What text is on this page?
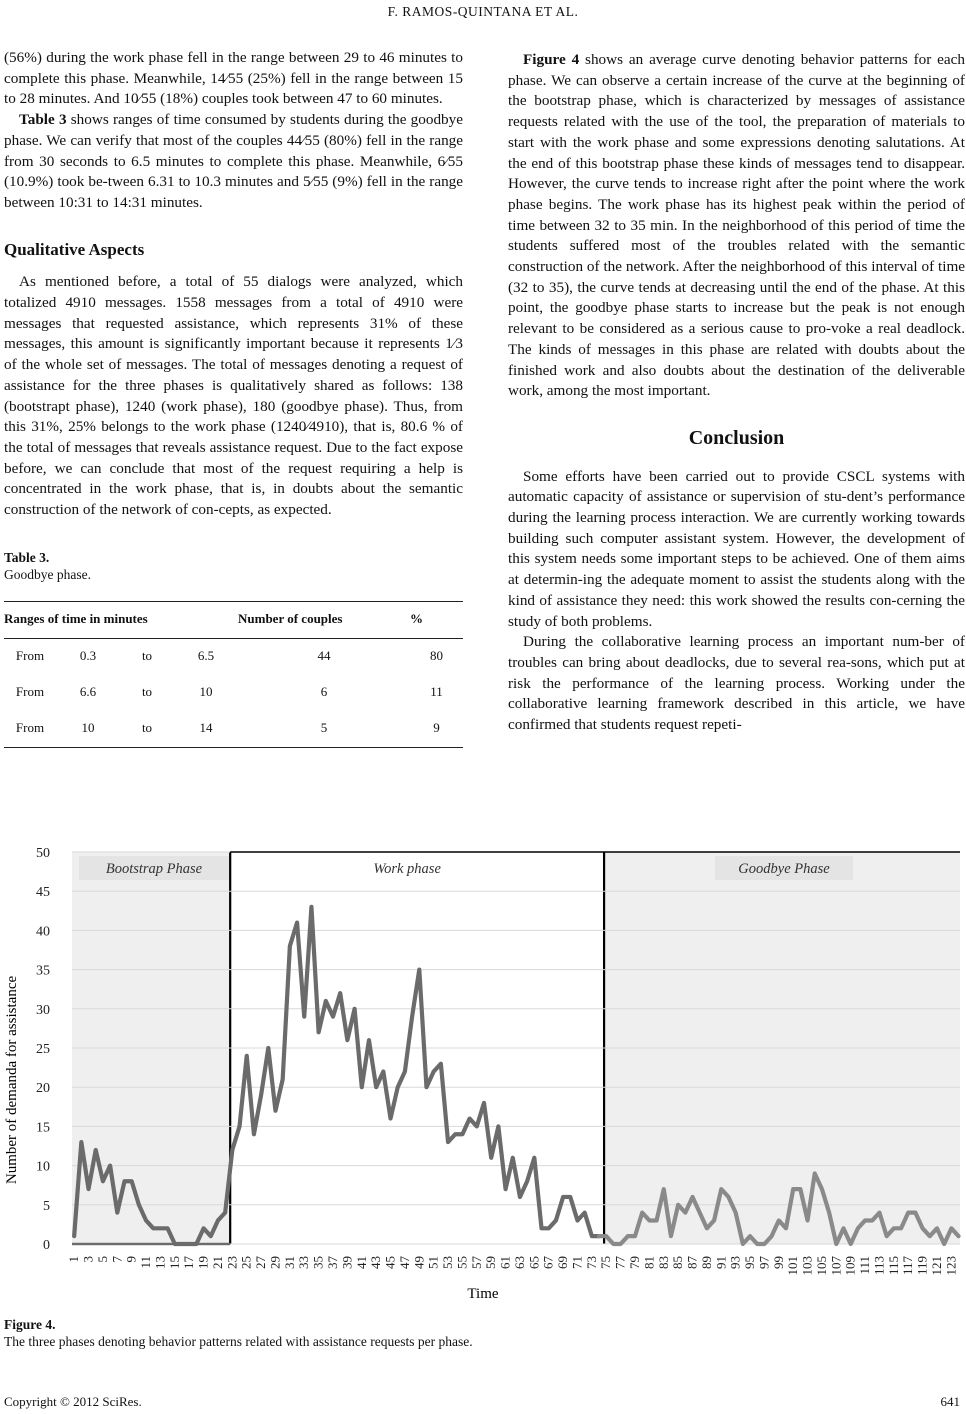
F. RAMOS-QUINTANA ET AL.

(56%) during the work phase fell in the range between 29 to 46 minutes to complete this phase. Meanwhile, 14⁄55 (25%) fell in the range between 15 to 28 minutes. And 10⁄55 (18%) couples took between 47 to 60 minutes.

Table 3 shows ranges of time consumed by students during the goodbye phase. We can verify that most of the couples 44⁄55 (80%) fell in the range from 30 seconds to 6.5 minutes to complete this phase. Meanwhile, 6⁄55 (10.9%) took be-tween 6.31 to 10.3 minutes and 5⁄55 (9%) fell in the range between 10:31 to 14:31 minutes.

Qualitative Aspects

As mentioned before, a total of 55 dialogs were analyzed, which totalized 4910 messages. 1558 messages from a total of 4910 were messages that requested assistance, which represents 31% of these messages, this amount is significantly important because it represents 1⁄3 of the whole set of messages. The total of messages denoting a request of assistance for the three phases is qualitatively shared as follows: 138 (bootstrapt phase), 1240 (work phase), 180 (goodbye phase). Thus, from this 31%, 25% belongs to the work phase (1240⁄4910), that is, 80.6 % of the total of messages that reveals assistance request. Due to the fact expose before, we can conclude that most of the request requiring a help is concentrated in the work phase, that is, in doubts about the semantic construction of the network of con-cepts, as expected.

Table 3.
Goodbye phase.
Ranges of time in minutes				Number of couples	%
From	0.3	to	6.5	44	80
From	6.6	to	10	6	11
From	10	to	14	5	9

Figure 4 shows an average curve denoting behavior patterns for each phase. We can observe a certain increase of the curve at the beginning of the bootstrap phase, which is characterized by messages of assistance requests related with the use of the tool, the preparation of materials to start with the work phase and some expressions denoting salutations. At the end of this bootstrap phase these kinds of messages tend to disappear. However, the curve tends to increase right after the point where the work phase begins. The work phase has its highest peak within the period of time between 32 to 35 min. In the neighborhood of this period of time the students suffered most of the troubles related with the semantic construction of the network. After the neighborhood of this interval of time (32 to 35), the curve tends at decreasing until the end of the phase. At this point, the goodbye phase starts to increase but the peak is not enough relevant to be considered as a serious cause to pro-voke a real deadlock. The kinds of messages in this phase are related with doubts about the finished work and also doubts about the destination of the deliverable work, among the most important.

Conclusion

Some efforts have been carried out to provide CSCL systems with automatic capacity of assistance or supervision of stu-dent’s performance during the learning process interaction. We are currently working towards building such computer assistant system. However, the development of this system needs some important steps to be achieved. One of them aims at determin-ing the adequate moment to assist the students along with the kind of assistance they need: this work showed the results con-cerning the study of both problems.

During the collaborative learning process an important num-ber of troubles can bring about deadlocks, due to several rea-sons, which put at risk the performance of the learning process. Working under the collaborative learning framework described in this article, we have confirmed that students request repeti-

Bootstrap Phase	Work phase	Goodbye Phase
0
5
10
15
20
25
30
35
40
45
50
1 3 5 7 9 11 13 15 17 19 21 23 25 27 29 31 33 35 37 39 41 43 45 47 49 51 53 55 57 59 61 63 65 67 69 71 73 75 77 79 81 83 85 87 89 91 93 95 97 99 101 103 105 107 109 111 113 115 117 119 121 123
Time
Number of demanda for assistance
Figure 4.
The three phases denoting behavior patterns related with assistance requests per phase.
Copyright © 2012 SciRes.	641
